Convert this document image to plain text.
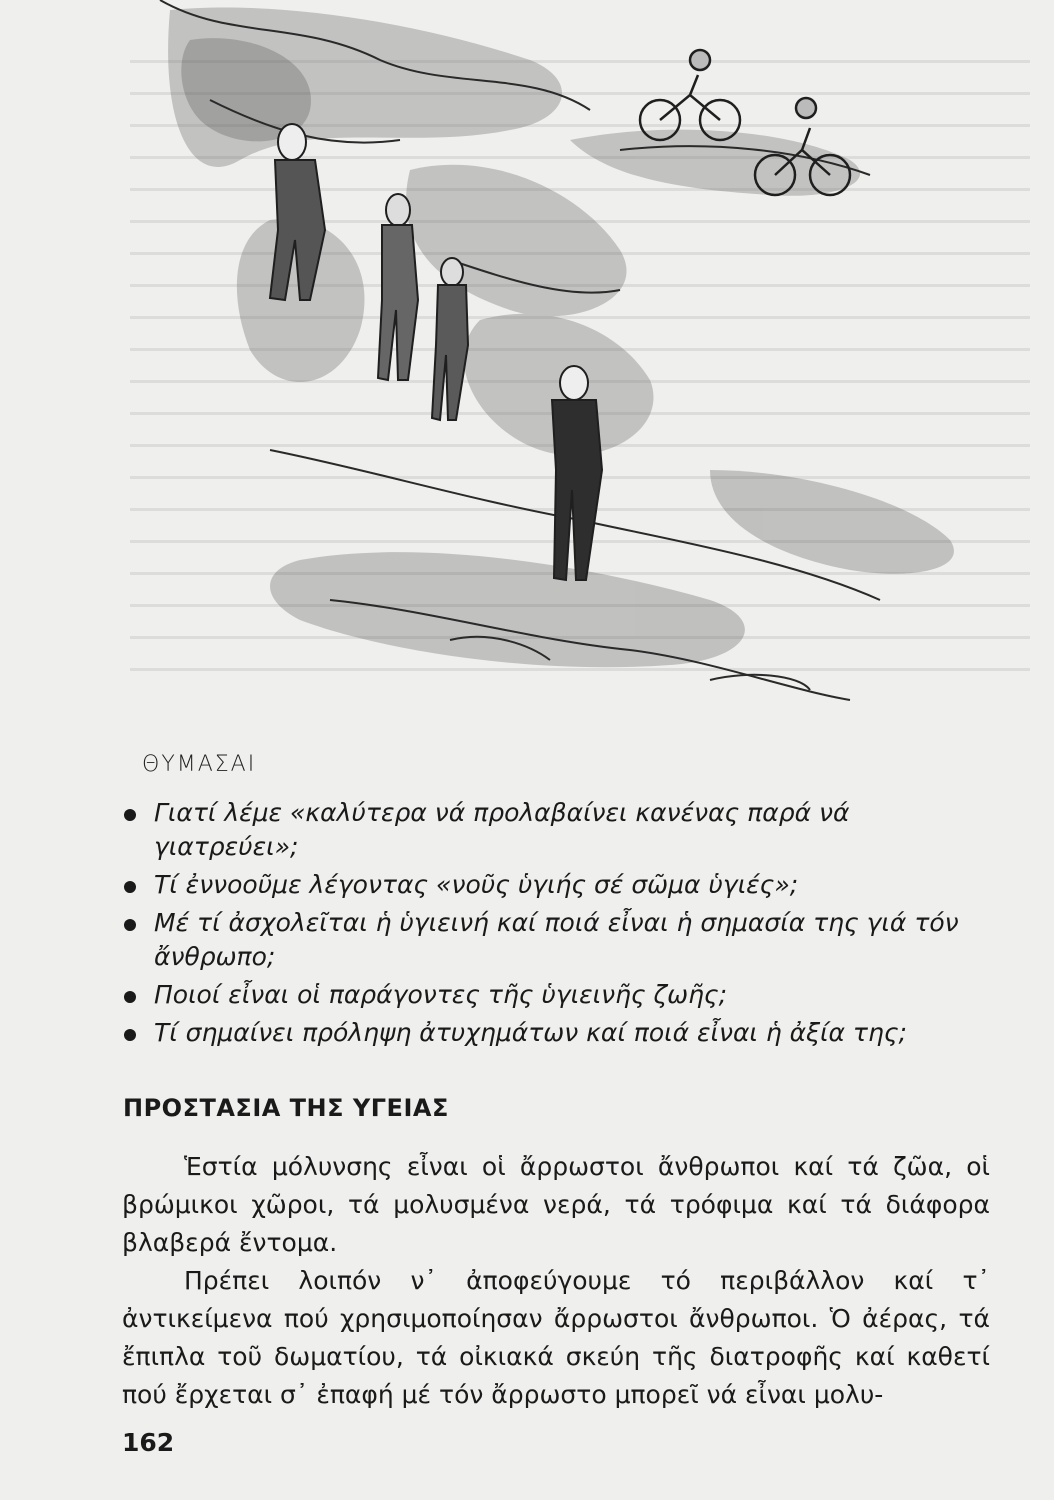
ΘΥΜΑΣΑΙ
Γιατί λέμε «καλύτερα νά προλαβαίνει κανένας παρά νά γιατρεύει»;
Τί ἐννοοῦμε λέγοντας «νοῦς ὑγιής σέ σῶμα ὑγιές»;
Μέ τί ἀσχολεῖται ἡ ὑγιεινή καί ποιά εἶναι ἡ σημασία της γιά τόν ἄνθρωπο;
Ποιοί εἶναι οἱ παράγοντες τῆς ὑγιεινῆς ζωῆς;
Τί σημαίνει πρόληψη ἀτυχημάτων καί ποιά εἶναι ἡ ἀξία της;
ΠΡΟΣΤΑΣΙΑ ΤΗΣ ΥΓΕΙΑΣ

Ἑστία μόλυνσης εἶναι οἱ ἄρρωστοι ἄνθρωποι καί τά ζῶα, οἱ βρώμικοι χῶροι, τά μολυσμένα νερά, τά τρόφιμα καί τά διάφορα βλαβερά ἔντομα.

Πρέπει λοιπόν ν᾿ ἀποφεύγουμε τό περιβάλλον καί τ᾿ ἀντικείμενα πού χρησιμοποίησαν ἄρρωστοι ἄνθρωποι. Ὁ ἀέρας, τά ἔπιπλα τοῦ δωματίου, τά οἰκιακά σκεύη τῆς διατροφῆς καί καθετί πού ἔρχεται σ᾿ ἐπαφή μέ τόν ἄρρωστο μπορεῖ νά εἶναι μολυ-

162
